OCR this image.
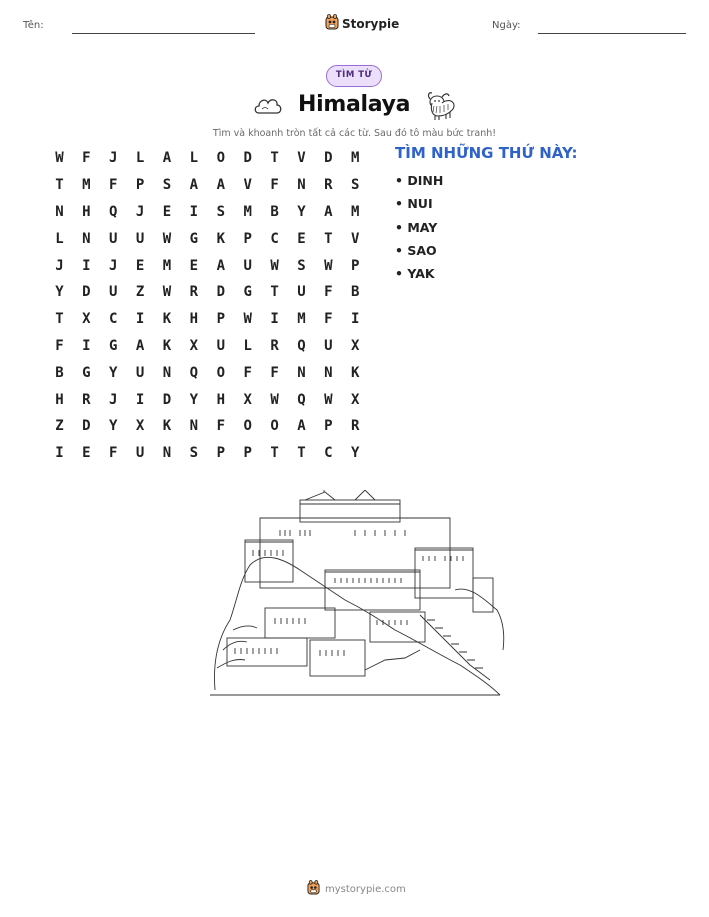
Tên:	Storypie	Ngày:
TÌM TỪ
Himalaya
Tìm và khoanh tròn tất cả các từ. Sau đó tô màu bức tranh!
W	F	J	L	A	L	O	D	T	V	D	M
T	M	F	P	S	A	A	V	F	N	R	S
N	H	Q	J	E	I	S	M	B	Y	A	M
L	N	U	U	W	G	K	P	C	E	T	V
J	I	J	E	M	E	A	U	W	S	W	P
Y	D	U	Z	W	R	D	G	T	U	F	B
T	X	C	I	K	H	P	W	I	M	F	I
F	I	G	A	K	X	U	L	R	Q	U	X
B	G	Y	U	N	Q	O	F	F	N	N	K
H	R	J	I	D	Y	H	X	W	Q	W	X
Z	D	Y	X	K	N	F	O	O	A	P	R
I	E	F	U	N	S	P	P	T	T	C	Y
TÌM NHỮNG THỨ NÀY:
• DINH
• NUI
• MAY
• SAO
• YAK
mystorypie.com
